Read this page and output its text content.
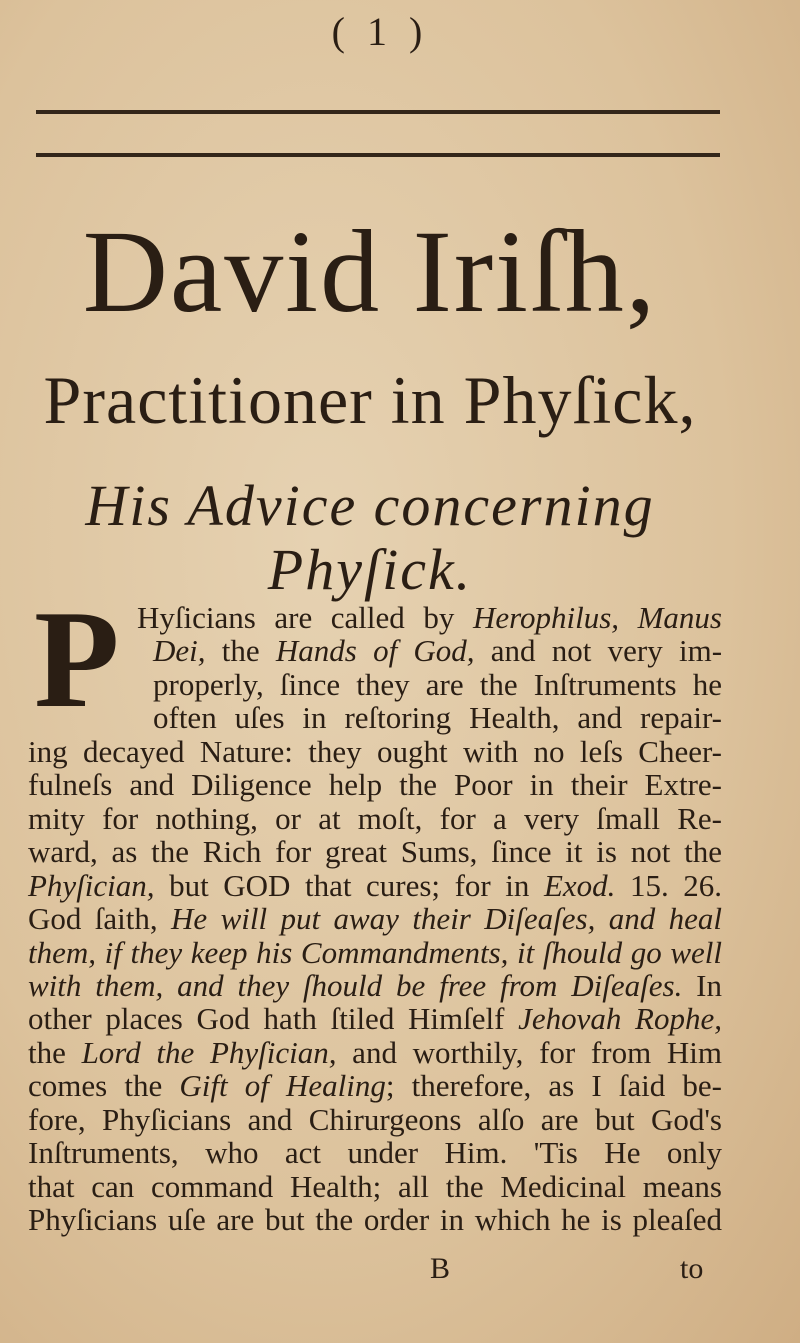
( 1 )
David Iriſh,
Practitioner in Phyſick,
His Advice concerning Phyſick.
P Hyſicians are called by Herophilus, Manus
Dei, the Hands of God, and not very im-
properly, ſince they are the Inſtruments he
often uſes in reſtoring Health, and repair-
ing decayed Nature: they ought with no leſs Cheer-
fulneſs and Diligence help the Poor in their Extre-
mity for nothing, or at moſt, for a very ſmall Re-
ward, as the Rich for great Sums, ſince it is not the
Phyſician, but GOD that cures; for in Exod. 15. 26.
God ſaith, He will put away their Diſeaſes, and heal
them, if they keep his Commandments, it ſhould go well
with them, and they ſhould be free from Diſeaſes. In
other places God hath ſtiled Himſelf Jehovah Rophe,
the Lord the Phyſician, and worthily, for from Him
comes the Gift of Healing; therefore, as I ſaid be-
fore, Phyſicians and Chirurgeons alſo are but God's
Inſtruments, who act under Him. 'Tis He only
that can command Health; all the Medicinal means
Phyſicians uſe are but the order in which he is pleaſed
B	to
